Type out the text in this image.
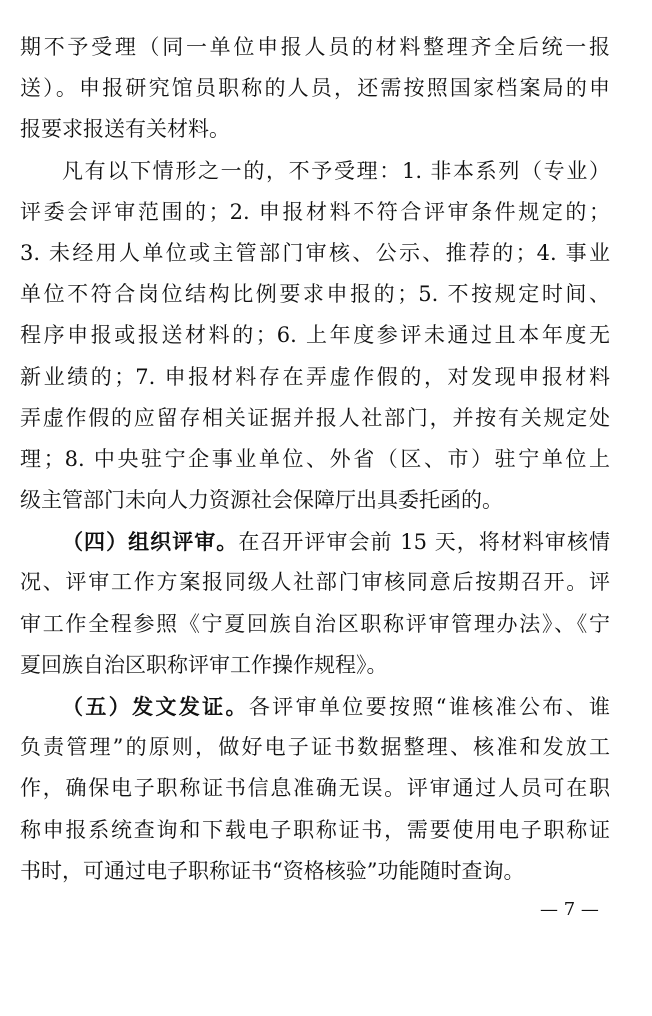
期不予受理（同一单位申报人员的材料整理齐全后统一报
送）。申报研究馆员职称的人员，还需按照国家档案局的申
报要求报送有关材料。
凡有以下情形之一的，不予受理：1. 非本系列（专业）
评委会评审范围的；2. 申报材料不符合评审条件规定的；
3. 未经用人单位或主管部门审核、公示、推荐的；4. 事业
单位不符合岗位结构比例要求申报的；5. 不按规定时间、
程序申报或报送材料的；6. 上年度参评未通过且本年度无
新业绩的；7. 申报材料存在弄虚作假的，对发现申报材料
弄虚作假的应留存相关证据并报人社部门，并按有关规定处
理；8. 中央驻宁企事业单位、外省（区、市）驻宁单位上
级主管部门未向人力资源社会保障厅出具委托函的。
（四）组织评审。在召开评审会前 15 天，将材料审核情
况、评审工作方案报同级人社部门审核同意后按期召开。评
审工作全程参照《宁夏回族自治区职称评审管理办法》、《宁
夏回族自治区职称评审工作操作规程》。
（五）发文发证。各评审单位要按照“谁核准公布、谁
负责管理”的原则，做好电子证书数据整理、核准和发放工
作，确保电子职称证书信息准确无误。评审通过人员可在职
称申报系统查询和下载电子职称证书，需要使用电子职称证
书时，可通过电子职称证书“资格核验”功能随时查询。
— 7 —
